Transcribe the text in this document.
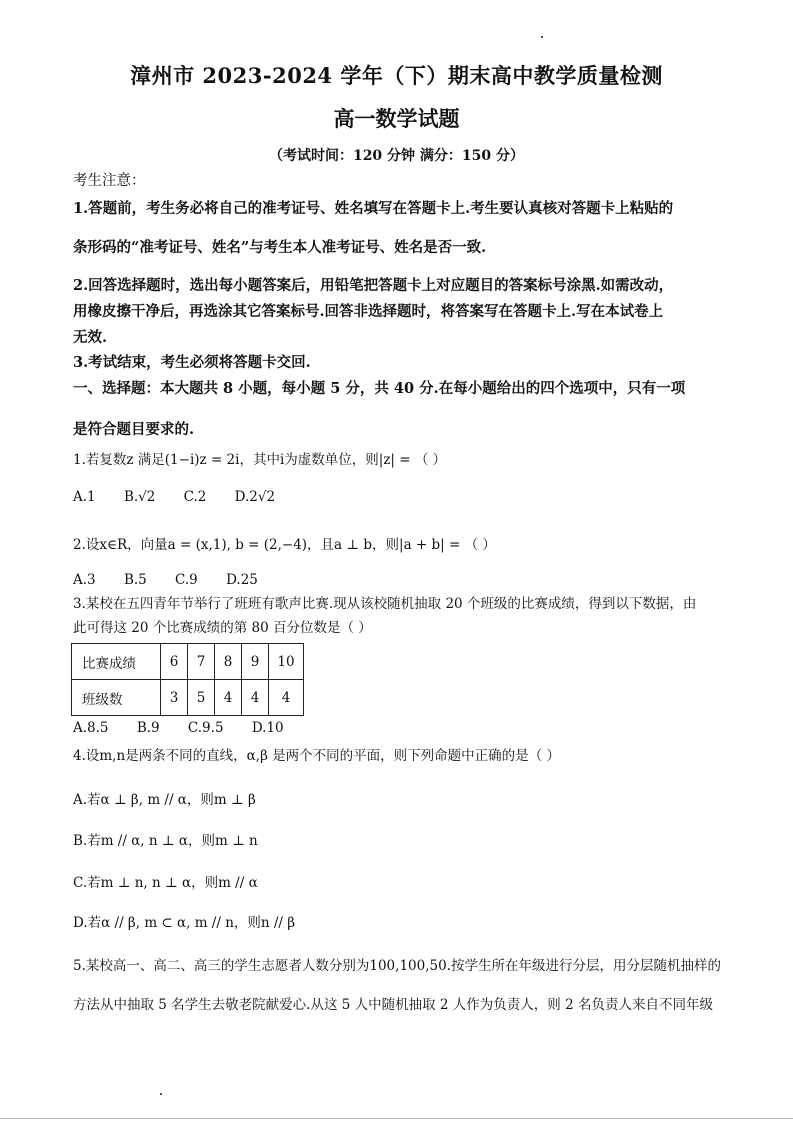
漳州市 2023-2024 学年（下）期末高中教学质量检测
高一数学试题
（考试时间：120 分钟 满分：150 分）
考生注意：
1.答题前，考生务必将自己的准考证号、姓名填写在答题卡上.考生要认真核对答题卡上粘贴的
条形码的“准考证号、姓名”与考生本人准考证号、姓名是否一致.
2.回答选择题时，选出每小题答案后，用铅笔把答题卡上对应题目的答案标号涂黑.如需改动，
用橡皮擦干净后，再选涂其它答案标号.回答非选择题时，将答案写在答题卡上.写在本试卷上
无效.
3.考试结束，考生必须将答题卡交回.
一、选择题：本大题共 8 小题，每小题 5 分，共 40 分.在每小题给出的四个选项中，只有一项
是符合题目要求的.
1.若复数z 满足(1−i)z = 2i，其中i为虚数单位，则|z| = （ ）
A.1 B.√2 C.2 D.2√2
2.设x∈R，向量a = (x,1), b = (2,−4)，且a ⊥ b，则|a + b| = （ ）
A.3 B.5 C.9 D.25
3.某校在五四青年节举行了班班有歌声比赛.现从该校随机抽取 20 个班级的比赛成绩，得到以下数据，由
此可得这 20 个比赛成绩的第 80 百分位数是（ ）
比赛成绩	6	7	8	9	10
班级数	3	5	4	4	4
A.8.5 B.9 C.9.5 D.10
4.设m,n是两条不同的直线，α,β 是两个不同的平面，则下列命题中正确的是（ ）
A.若α ⊥ β, m // α，则m ⊥ β
B.若m // α, n ⊥ α，则m ⊥ n
C.若m ⊥ n, n ⊥ α，则m // α
D.若α // β, m ⊂ α, m // n，则n // β
5.某校高一、高二、高三的学生志愿者人数分别为100,100,50.按学生所在年级进行分层，用分层随机抽样的
方法从中抽取 5 名学生去敬老院献爱心.从这 5 人中随机抽取 2 人作为负责人，则 2 名负责人来自不同年级
